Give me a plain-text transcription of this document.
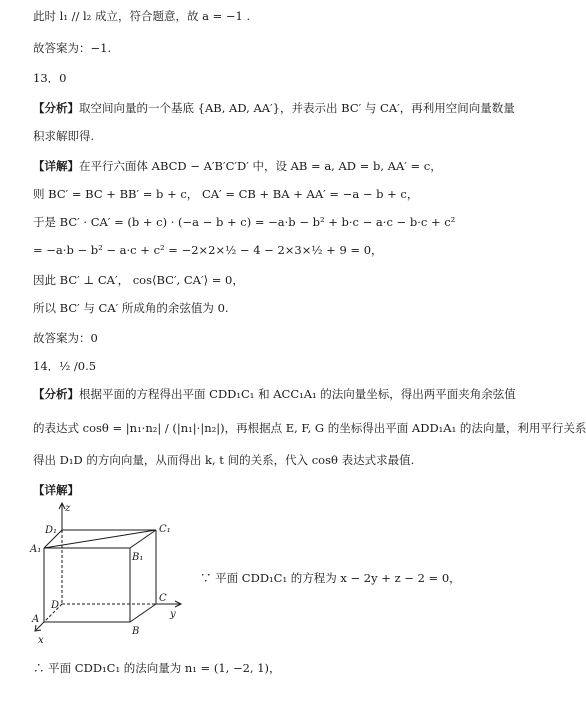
此时 l₁ // l₂ 成立，符合题意，故 a = −1 .
故答案为：−1.
13．0
【分析】取空间向量的一个基底 {AB, AD, AA′}，并表示出 BC′ 与 CA′，再利用空间向量数量
积求解即得.
【详解】在平行六面体 ABCD − A′B′C′D′ 中，设 AB = a, AD = b, AA′ = c，
则 BC′ = BC + BB′ = b + c， CA′ = CB + BA + AA′ = −a − b + c，
于是 BC′ · CA′ = (b + c) · (−a − b + c) = −a·b − b² + b·c − a·c − b·c + c²
= −a·b − b² − a·c + c² = −2×2×½ − 4 − 2×3×½ + 9 = 0，
因此 BC′ ⊥ CA′， cos⟨BC′, CA′⟩ = 0，
所以 BC′ 与 CA′ 所成角的余弦值为 0.
故答案为：0
14．½ /0.5
【分析】根据平面的方程得出平面 CDD₁C₁ 和 ACC₁A₁ 的法向量坐标，得出两平面夹角余弦值
的表达式 cosθ = |n₁·n₂| / (|n₁|·|n₂|)，再根据点 E, F, G 的坐标得出平面 ADD₁A₁ 的法向量，利用平行关系
得出 D₁D 的方向向量，从而得出 k, t 间的关系，代入 cosθ 表达式求最值.
【详解】
z
D₁	C₁
A₁
B₁
D
C
y
A
B
x
∵ 平面 CDD₁C₁ 的方程为 x − 2y + z − 2 = 0，
∴ 平面 CDD₁C₁ 的法向量为 n₁ = (1, −2, 1)，
